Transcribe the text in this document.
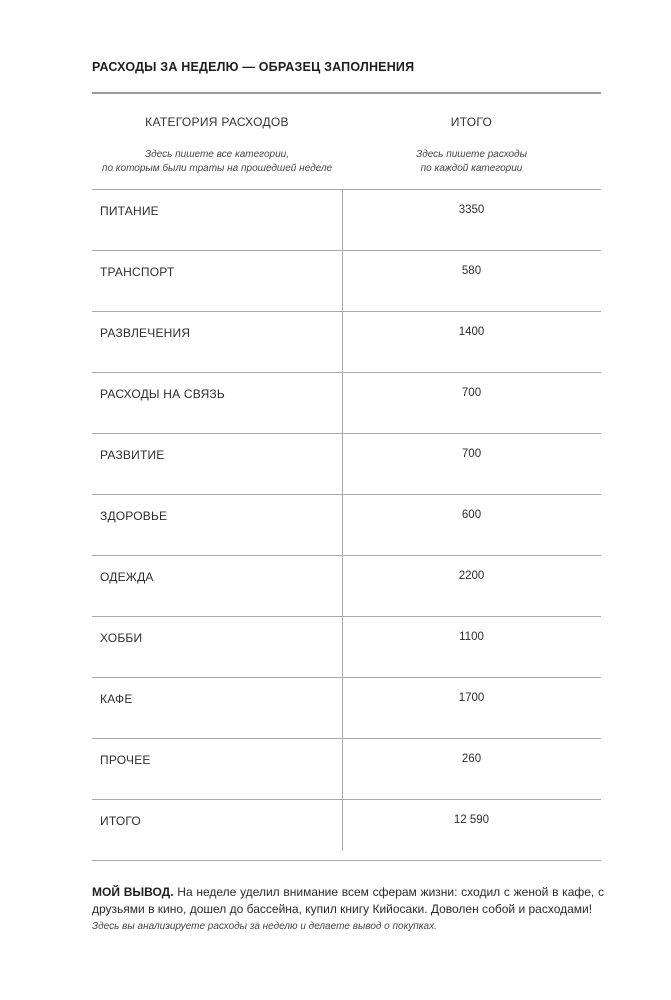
РАСХОДЫ ЗА НЕДЕЛЮ — ОБРАЗЕЦ ЗАПОЛНЕНИЯ
КАТЕГОРИЯ РАСХОДОВ
Здесь пишете все категории,
по которым были траты на прошедшей неделе
ИТОГО
Здесь пишете расходы
по каждой категории
ПИТАНИЕ	3350
ТРАНСПОРТ	580
РАЗВЛЕЧЕНИЯ	1400
РАСХОДЫ НА СВЯЗЬ	700
РАЗВИТИЕ	700
ЗДОРОВЬЕ	600
ОДЕЖДА	2200
ХОББИ	1100
КАФЕ	1700
ПРОЧЕЕ	260
ИТОГО	12 590
МОЙ ВЫВОД. На неделе уделил внимание всем сферам жизни: сходил с женой в кафе, с друзьями в кино, дошел до бассейна, купил книгу Кийосаки. Доволен собой и расходами!
Здесь вы анализируете расходы за неделю и делаете вывод о покупках.
